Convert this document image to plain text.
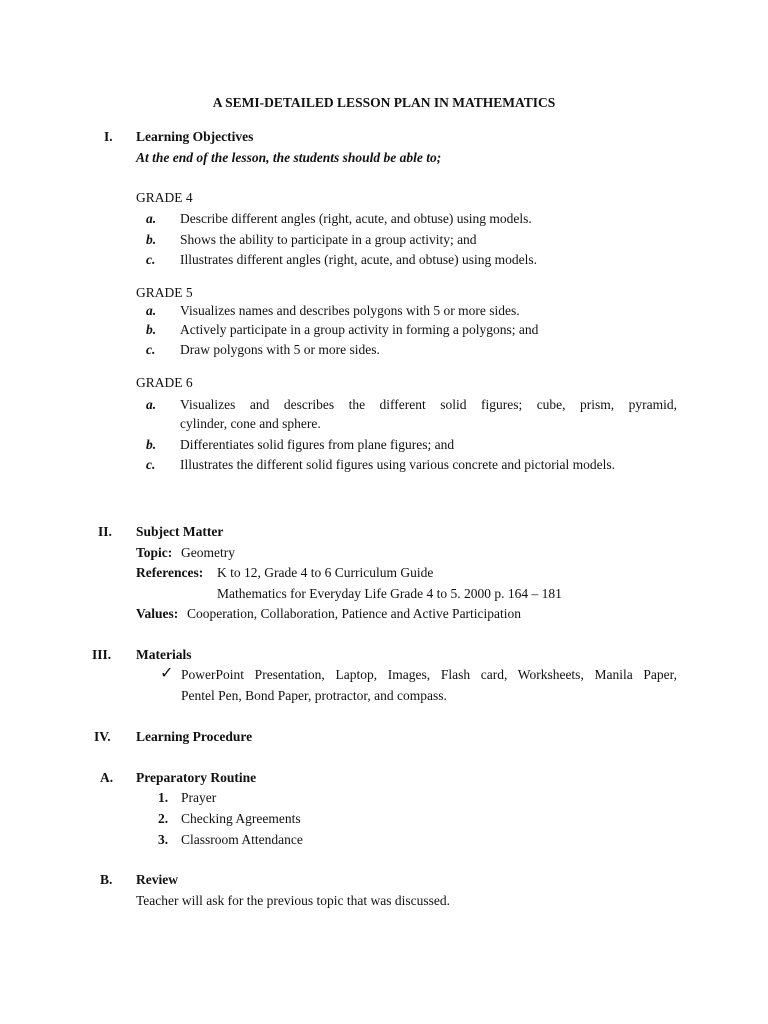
A SEMI-DETAILED LESSON PLAN IN MATHEMATICS
I. Learning Objectives
At the end of the lesson, the students should be able to;
GRADE 4
a. Describe different angles (right, acute, and obtuse) using models.
b. Shows the ability to participate in a group activity; and
c. Illustrates different angles (right, acute, and obtuse) using models.
GRADE 5
a. Visualizes names and describes polygons with 5 or more sides.
b. Actively participate in a group activity in forming a polygons; and
c. Draw polygons with 5 or more sides.
GRADE 6
a. Visualizes and describes the different solid figures; cube, prism, pyramid,
cylinder, cone and sphere.
b. Differentiates solid figures from plane figures; and
c. Illustrates the different solid figures using various concrete and pictorial models.
II. Subject Matter
Topic: Geometry
References: K to 12, Grade 4 to 6 Curriculum Guide
Mathematics for Everyday Life Grade 4 to 5. 2000 p. 164 – 181
Values: Cooperation, Collaboration, Patience and Active Participation
III. Materials
✓ PowerPoint Presentation, Laptop, Images, Flash card, Worksheets, Manila Paper,
Pentel Pen, Bond Paper, protractor, and compass.
IV. Learning Procedure
A. Preparatory Routine
1. Prayer
2. Checking Agreements
3. Classroom Attendance
B. Review
Teacher will ask for the previous topic that was discussed.
